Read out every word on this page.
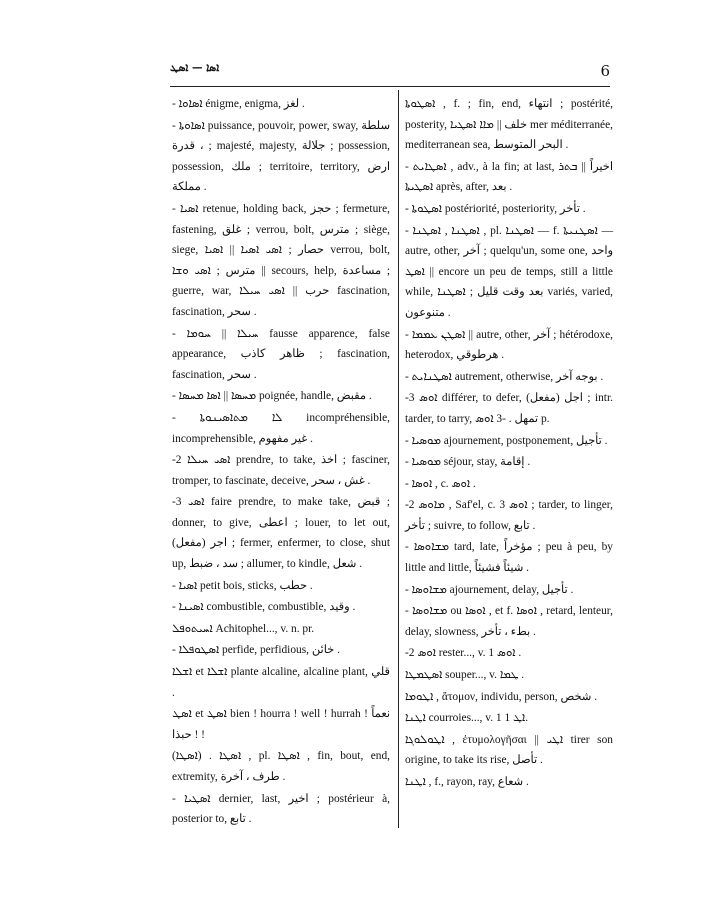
ܐܣܐ — ܐܣܛ	6

- ܐܣܐܘܐ énigme, enigma, لغز .

- ܐܣܐܘܬܐ puissance, pouvoir, power, sway, سلطة ، قدرة ; majesté, majesty, جلالة ; possession, possession, ملك ; territoire, territory, ارض مملكة .

- ܐܣܝܐ retenue, holding back, حجز ; fermeture, fastening, غلق ; verrou, bolt, مترس ; siège, siege, حصار ; ܐܣܝ ܐܣܝܐ || ܐܣܝܐ verrou, bolt, مترس ; ܐܣܝ ܘܫܐ || secours, help, مساعدة ; guerre, war, حرب || ܐܣܝ ܚܝܠܐ fascination, fascination, سحر .

- ܚܝܠܐ || ܚܘܡܐ fausse apparence, false appearance, ظاهر كاذب ; fascination, fascination, سحر .

- ܡܚܣܐ || ܐܣܐ ܡܚܣܐ poignée, handle, مقبض .

- ܠܐ ܡܬܐܣܝܢܘܬܐ incompréhensible, incomprehensible, غير مفهوم .

-2 ܐܣܝ ܚܝܠܐ prendre, to take, اخذ ; fasciner, tromper, to fascinate, deceive, غش ، سحر .

-3 ܐܣܝ faire prendre, to make take, قبض ; donner, to give, اعطى ; louer, to let out, (مفعل) اجر ; fermer, enfermer, to close, shut up, سد ، ضبط ; allumer, to kindle, شعل .

- ܐܣܝܐ petit bois, sticks, حطب .

- ܐܣܝܢܐ combustible, combustible, وقيد .

ܐܚܝܬܘܦܠ Achitophel..., v. n. pr.

- ܐܣܛܘܦܠܐ perfide, perfidious, خائن .

ܐܫܠܐ et ܐܫܠܐ plante alcaline, alcaline plant, قلي .

ܐܣܛ et ܐܣܛ bien ! hourra ! well ! hurrah ! نعماً ! حبذا !

(ܐܣܛܐ) . ܐܣܛܐ , pl. ܐܣܛܐ , fin, bout, end, extremity, طرف ، آخرة .

- ܐܣܛܝܐ dernier, last, اخير ; postérieur à, posterior to, تابع .

ܐܣܛܘܬܐ , f. ; fin, end, انتهاء ; postérité, posterity, خلف || ܡܐܐ ܐܣܛܝܐ mer méditerranée, mediterranean sea, البحر المتوسط .

- ܐܣܛܐܝܬ , adv., à la fin; at last, اخيراً || ܒܬܪ ܐܣܛܝܬܐ après, after, بعد .

- ܐܣܛܘܬܐ postériorité, posteriority, تأخر .

- ܐܣܛܢܐ , ܐܣܛܢܐ , pl. ܐܣܛܢܐ — f. ܐܣܛܢܝܬܐ — autre, other, آخر ; quelqu'un, some one, واحد || ܐܣܛ encore un peu de temps, still a little while, بعد وقت قليل ; ܐܣܛܢܐ variés, varied, متنوعون .

- ܐܣܛܢ ܥܡܡܐ || autre, other, آخر ; hétérodoxe, heterodox, هرطوقي .

- ܐܣܛܢܐܝܬ autrement, otherwise, بوجه آخر .

-3 ܐܘܣ différer, to defer, (مفعل) اجل ; intr. tarder, to tarry, تمهل . -3 ܐܘܣ p.

- ܡܘܣܝܐ ajournement, postponement, تأجيل .

- ܡܘܣܝܐ séjour, stay, إقامة .

- ܐܘܣܐ , c. ܐܘܣ .

-2 ܡܐܘܣ , Saf'el, c. 3 ܐܘܣ ; tarder, to linger, تأخر ; suivre, to follow, تابع .

- ܡܫܐܘܣܐ tard, late, مؤخراً ; peu à peu, by little and little, شيئاً فشيئاً .

- ܡܫܐܘܣܐ ajournement, delay, تأجيل .

- ܡܫܐܘܣܐ ou ܐܘܣܐ , et f. ܐܘܣܐ , retard, lenteur, delay, slowness, بطء ، تأخر .

-2 ܐܘܣ rester..., v. 1 ܐܘܣ .

ܐܣܛܡܛܐ souper..., v. ܛܡܐ .

ܐܛܘܡܐ , ἄτομον, individu, person, شخص .

ܐܛܢܐ courroies..., v. 1 ܐܛ 1.

ܐܛܘܠܘܓܐ , ἐτυμολογῆσαι || ܐܛܝ tirer son origine, to take its rise, تأصل .

ܐܛܢܐ , f., rayon, ray, شعاع .
